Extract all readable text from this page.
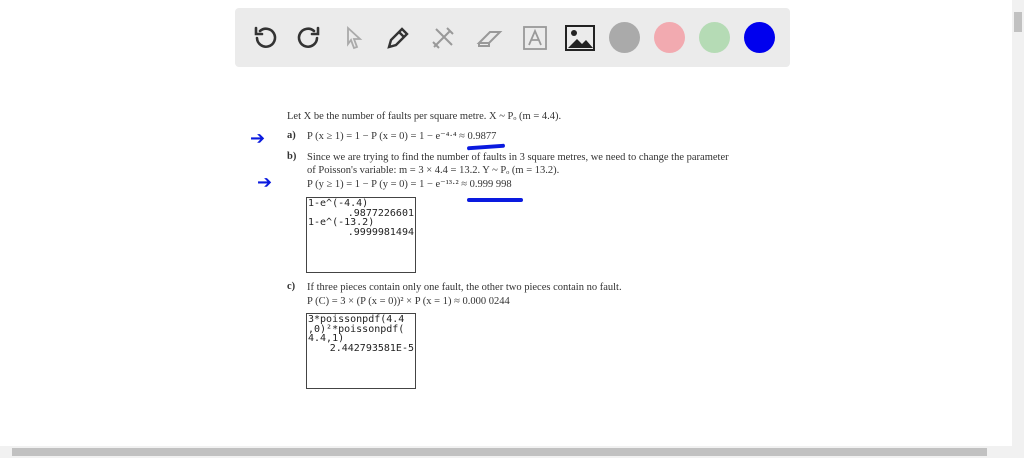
Let X be the number of faults per square metre. X ~ Pₒ (m = 4.4).
a) P (x ≥ 1) = 1 − P (x = 0) = 1 − e⁻⁴·⁴ ≈ 0.9877
b) Since we are trying to find the number of faults in 3 square metres, we need to change the parameter
of Poisson's variable: m = 3 × 4.4 = 13.2. Y ~ Pₒ (m = 13.2).
P (y ≥ 1) = 1 − P (y = 0) = 1 − e⁻¹³·² ≈ 0.999 998
1-e^(-4.4)
.9877226601
1-e^(-13.2)
.9999981494
c) If three pieces contain only one fault, the other two pieces contain no fault.
P (C) = 3 × (P (x = 0))² × P (x = 1) ≈ 0.000 0244
3*poissonpdf(4.4
,0)²*poissonpdf(
4.4,1)
2.442793581E-5
➔
➔
